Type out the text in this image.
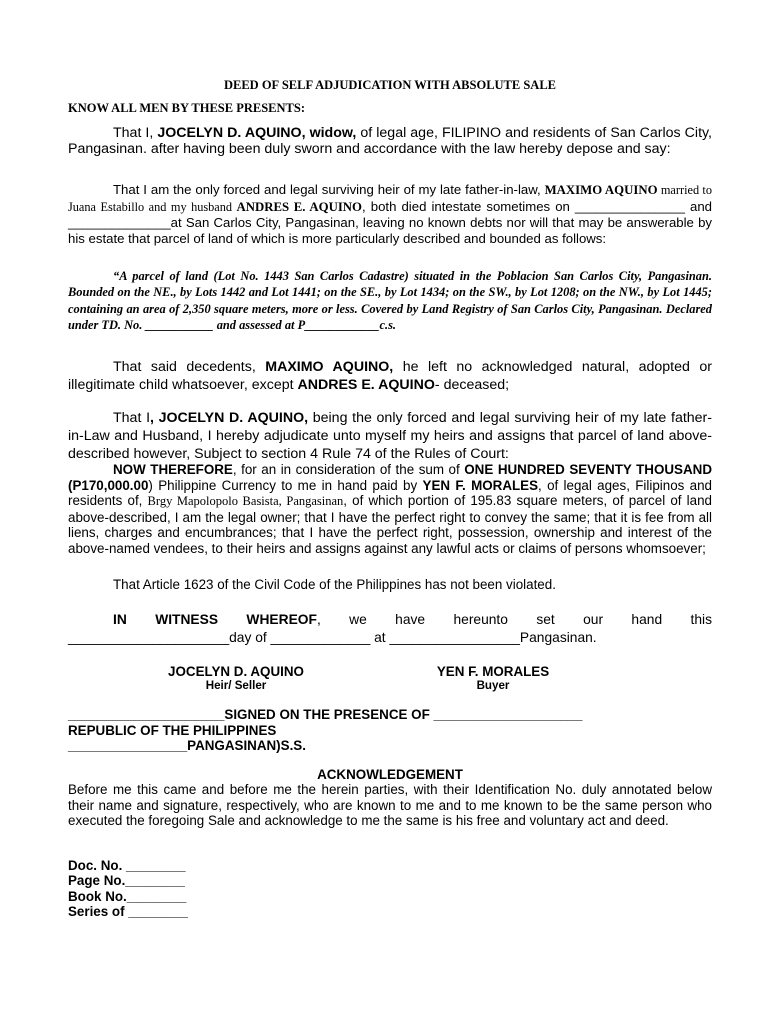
DEED OF SELF ADJUDICATION WITH ABSOLUTE SALE
KNOW ALL MEN BY THESE PRESENTS:
That I, JOCELYN D. AQUINO, widow, of legal age, FILIPINO and residents of San Carlos City, Pangasinan. after having been duly sworn and accordance with the law hereby depose and say:
That I am the only forced and legal surviving heir of my late father-in-law, MAXIMO AQUINO married to Juana Estabillo and my husband ANDRES E. AQUINO, both died intestate sometimes on _______________ and ______________at San Carlos City, Pangasinan, leaving no known debts nor will that may be answerable by his estate that parcel of land of which is more particularly described and bounded as follows:
“A parcel of land (Lot No. 1443 San Carlos Cadastre) situated in the Poblacion San Carlos City, Pangasinan. Bounded on the NE., by Lots 1442 and Lot 1441; on the SE., by Lot 1434; on the SW., by Lot 1208; on the NW., by Lot 1445; containing an area of 2,350 square meters, more or less. Covered by Land Registry of San Carlos City, Pangasinan. Declared under TD. No. ___________ and assessed at P____________c.s.
That said decedents, MAXIMO AQUINO, he left no acknowledged natural, adopted or illegitimate child whatsoever, except ANDRES E. AQUINO- deceased;
That I, JOCELYN D. AQUINO, being the only forced and legal surviving heir of my late father-in-Law and Husband, I hereby adjudicate unto myself my heirs and assigns that parcel of land above- described however, Subject to section 4 Rule 74 of the Rules of Court:
NOW THEREFORE, for an in consideration of the sum of ONE HUNDRED SEVENTY THOUSAND (P170,000.00) Philippine Currency to me in hand paid by YEN F. MORALES, of legal ages, Filipinos and residents of, Brgy Mapolopolo Basista, Pangasinan, of which portion of 195.83 square meters, of parcel of land above-described, I am the legal owner; that I have the perfect right to convey the same; that it is fee from all liens, charges and encumbrances; that I have the perfect right, possession, ownership and interest of the above-named vendees, to their heirs and assigns against any lawful acts or claims of persons whomsoever;
That Article 1623 of the Civil Code of the Philippines has not been violated.
IN WITNESS WHEREOF, we have hereunto set our hand this
_____________________day of _____________ at _________________Pangasinan.
JOCELYN D. AQUINO
Heir/ Seller
YEN F. MORALES
Buyer
_____________________SIGNED ON THE PRESENCE OF ____________________
REPUBLIC OF THE PHILIPPINES
________________PANGASINAN)S.S.
ACKNOWLEDGEMENT
Before me this came and before me the herein parties, with their Identification No. duly annotated below their name and signature, respectively, who are known to me and to me known to be the same person who executed the foregoing Sale and acknowledge to me the same is his free and voluntary act and deed.
Doc. No. ________
Page No.________
Book No.________
Series of ________
